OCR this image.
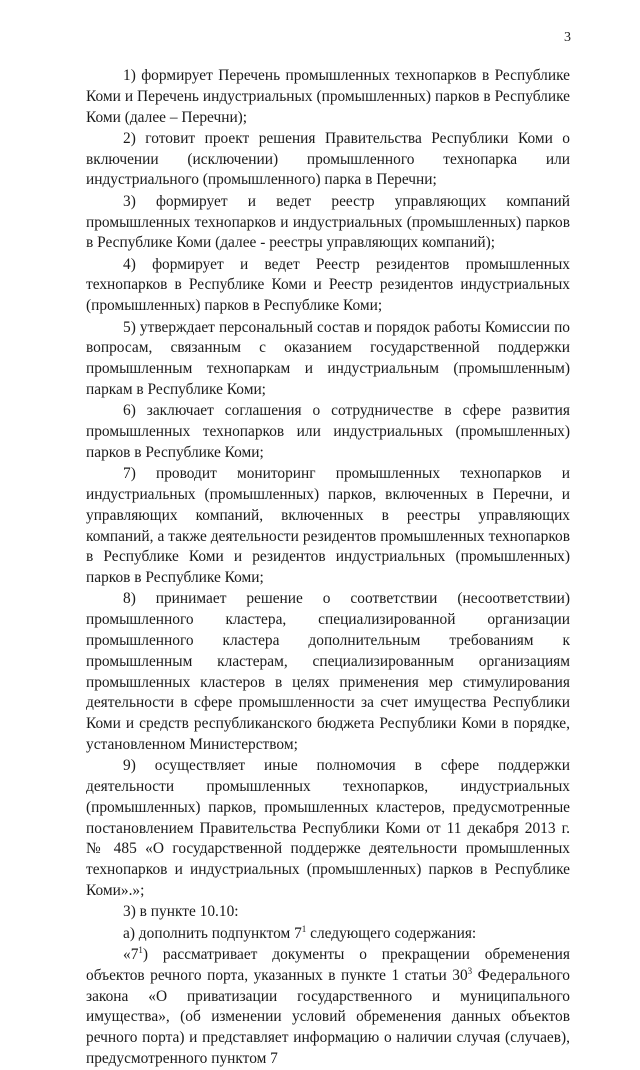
3

1) формирует Перечень промышленных технопарков в Республике Коми и Перечень индустриальных (промышленных) парков в Республике Коми (далее – Перечни);

2) готовит проект решения Правительства Республики Коми о включении (исключении) промышленного технопарка или индустриального (промышленного) парка в Перечни;

3) формирует и ведет реестр управляющих компаний промышленных технопарков и индустриальных (промышленных) парков в Республике Коми (далее - реестры управляющих компаний);

4) формирует и ведет Реестр резидентов промышленных технопарков в Республике Коми и Реестр резидентов индустриальных (промышленных) парков в Республике Коми;

5) утверждает персональный состав и порядок работы Комиссии по вопросам, связанным с оказанием государственной поддержки промышленным технопаркам и индустриальным (промышленным) паркам в Республике Коми;

6) заключает соглашения о сотрудничестве в сфере развития промышленных технопарков или индустриальных (промышленных) парков в Республике Коми;

7) проводит мониторинг промышленных технопарков и индустриальных (промышленных) парков, включенных в Перечни, и управляющих компаний, включенных в реестры управляющих компаний, а также деятельности резидентов промышленных технопарков в Республике Коми и резидентов индустриальных (промышленных) парков в Республике Коми;

8) принимает решение о соответствии (несоответствии) промышленного кластера, специализированной организации промышленного кластера дополнительным требованиям к промышленным кластерам, специализированным организациям промышленных кластеров в целях применения мер стимулирования деятельности в сфере промышленности за счет имущества Республики Коми и средств республиканского бюджета Республики Коми в порядке, установленном Министерством;

9) осуществляет иные полномочия в сфере поддержки деятельности промышленных технопарков, индустриальных (промышленных) парков, промышленных кластеров, предусмотренные постановлением Правительства Республики Коми от 11 декабря 2013 г. № 485 «О государственной поддержке деятельности промышленных технопарков и индустриальных (промышленных) парков в Республике Коми».»;

3) в пункте 10.10:

а) дополнить подпунктом $7^1$ следующего содержания:

«$7^1$) рассматривает документы о прекращении обременения объектов речного порта, указанных в пункте 1 статьи $30^3$ Федерального закона «О приватизации государственного и муниципального имущества», (об изменении условий обременения данных объектов речного порта) и представляет информацию о наличии случая (случаев), предусмотренного пунктом 7
